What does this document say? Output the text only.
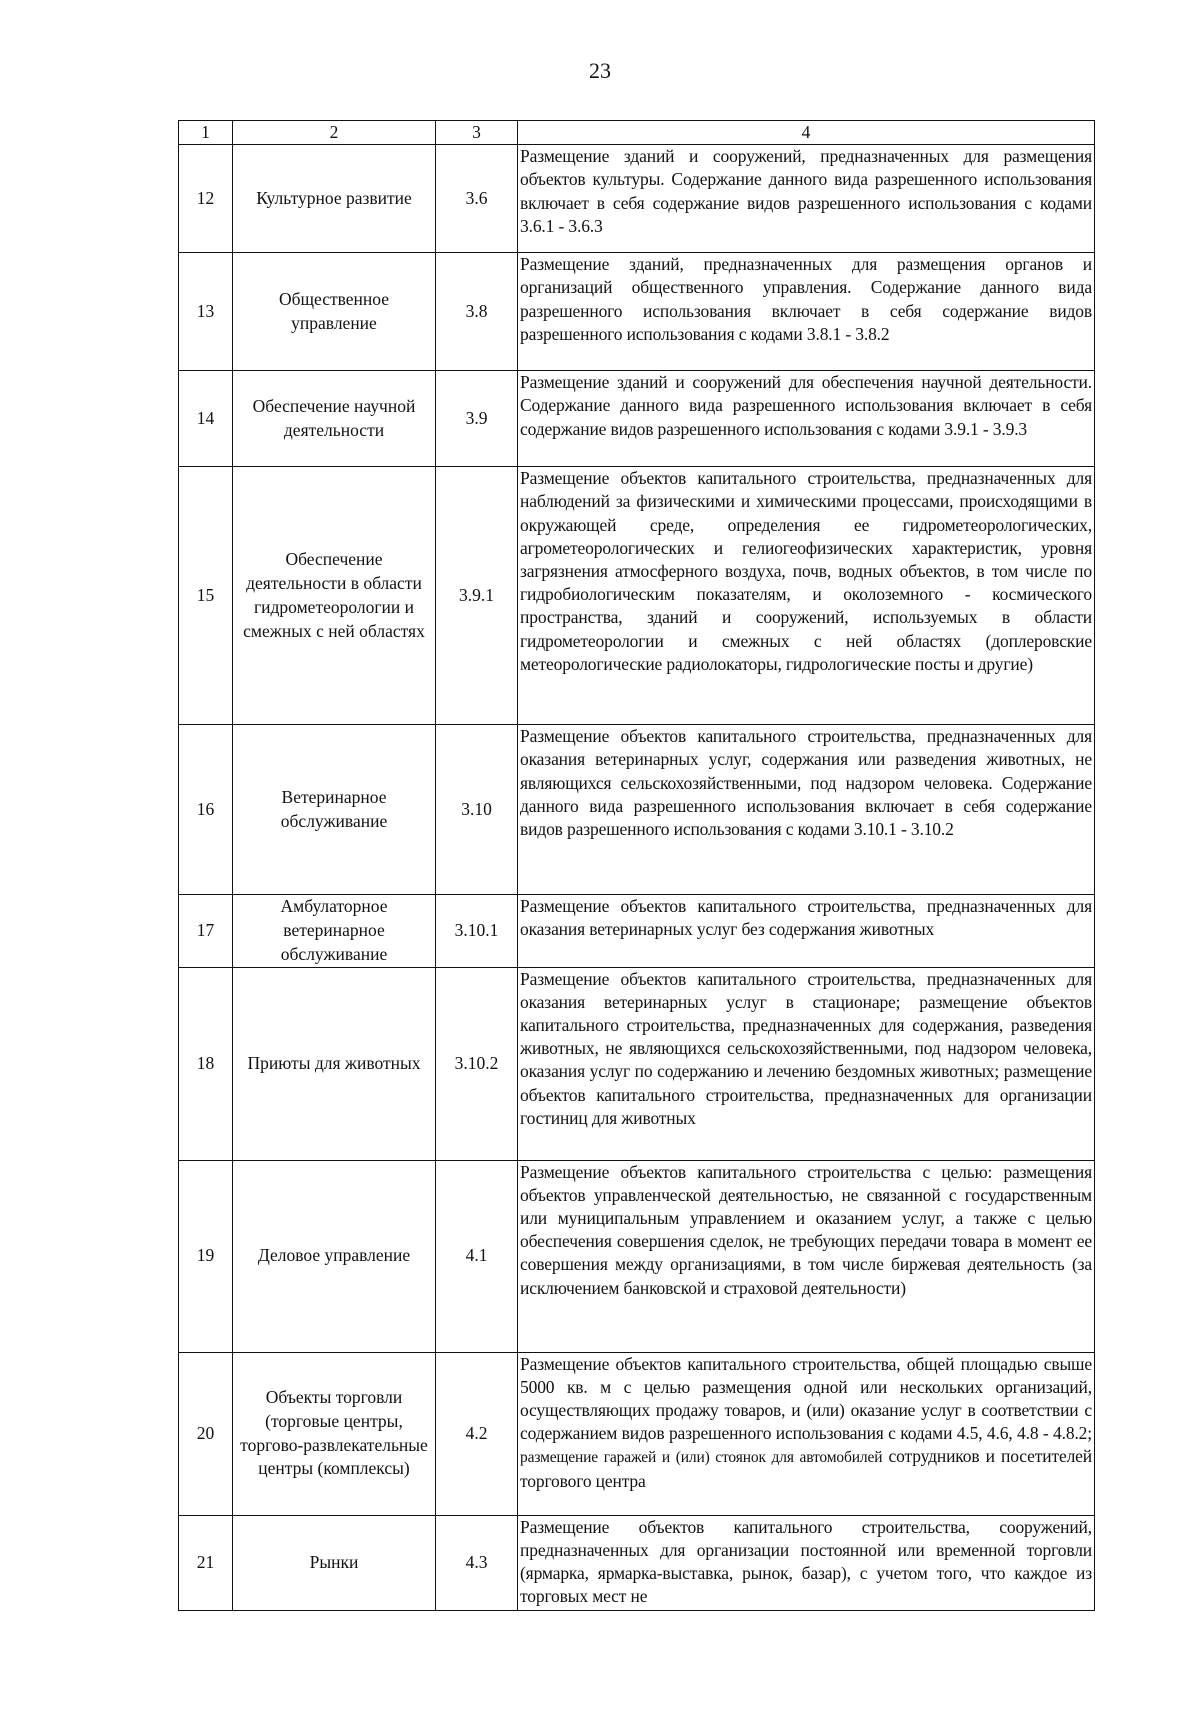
23
1	2	3	4
12	Культурное развитие	3.6	Размещение зданий и сооружений, предназначенных для размещения объектов культуры. Содержание данного вида разрешенного использования включает в себя содержание видов разрешенного использования с кодами 3.6.1 - 3.6.3
13	Общественное управление	3.8	Размещение зданий, предназначенных для размещения органов и организаций общественного управления. Содержание данного вида разрешенного использования включает в себя содержание видов разрешенного использования с кодами 3.8.1 - 3.8.2
14	Обеспечение научной деятельности	3.9	Размещение зданий и сооружений для обеспечения научной деятельности. Содержание данного вида разрешенного использования включает в себя содержание видов разрешенного использования с кодами 3.9.1 - 3.9.3
15	Обеспечение деятельности в области гидрометеорологии и смежных с ней областях	3.9.1	Размещение объектов капитального строительства, предназначенных для наблюдений за физическими и химическими процессами, происходящими в окружающей среде, определения ее гидрометеорологических, агрометеорологических и гелиогеофизических характеристик, уровня загрязнения атмосферного воздуха, почв, водных объектов, в том числе по гидробиологическим показателям, и околоземного - космического пространства, зданий и сооружений, используемых в области гидрометеорологии и смежных с ней областях (доплеровские метеорологические радиолокаторы, гидрологические посты и другие)
16	Ветеринарное обслуживание	3.10	Размещение объектов капитального строительства, предназначенных для оказания ветеринарных услуг, содержания или разведения животных, не являющихся сельскохозяйственными, под надзором человека. Содержание данного вида разрешенного использования включает в себя содержание видов разрешенного использования с кодами 3.10.1 - 3.10.2
17	Амбулаторное ветеринарное обслуживание	3.10.1	Размещение объектов капитального строительства, предназначенных для оказания ветеринарных услуг без содержания животных
18	Приюты для животных	3.10.2	Размещение объектов капитального строительства, предназначенных для оказания ветеринарных услуг в стационаре; размещение объектов капитального строительства, предназначенных для содержания, разведения животных, не являющихся сельскохозяйственными, под надзором человека, оказания услуг по содержанию и лечению бездомных животных; размещение объектов капитального строительства, предназначенных для организации гостиниц для животных
19	Деловое управление	4.1	Размещение объектов капитального строительства с целью: размещения объектов управленческой деятельностью, не связанной с государственным или муниципальным управлением и оказанием услуг, а также с целью обеспечения совершения сделок, не требующих передачи товара в момент ее совершения между организациями, в том числе биржевая деятельность (за исключением банковской и страховой деятельности)
20	Объекты торговли (торговые центры, торгово-развлекательные центры (комплексы)	4.2	Размещение объектов капитального строительства, общей площадью свыше 5000 кв. м с целью размещения одной или нескольких организаций, осуществляющих продажу товаров, и (или) оказание услуг в соответствии с содержанием видов разрешенного использования с кодами 4.5, 4.6, 4.8 - 4.8.2; размещение гаражей и (или) стоянок для автомобилей сотрудников и посетителей торгового центра
21	Рынки	4.3	Размещение объектов капитального строительства, сооружений, предназначенных для организации постоянной или временной торговли (ярмарка, ярмарка-выставка, рынок, базар), с учетом того, что каждое из торговых мест не
